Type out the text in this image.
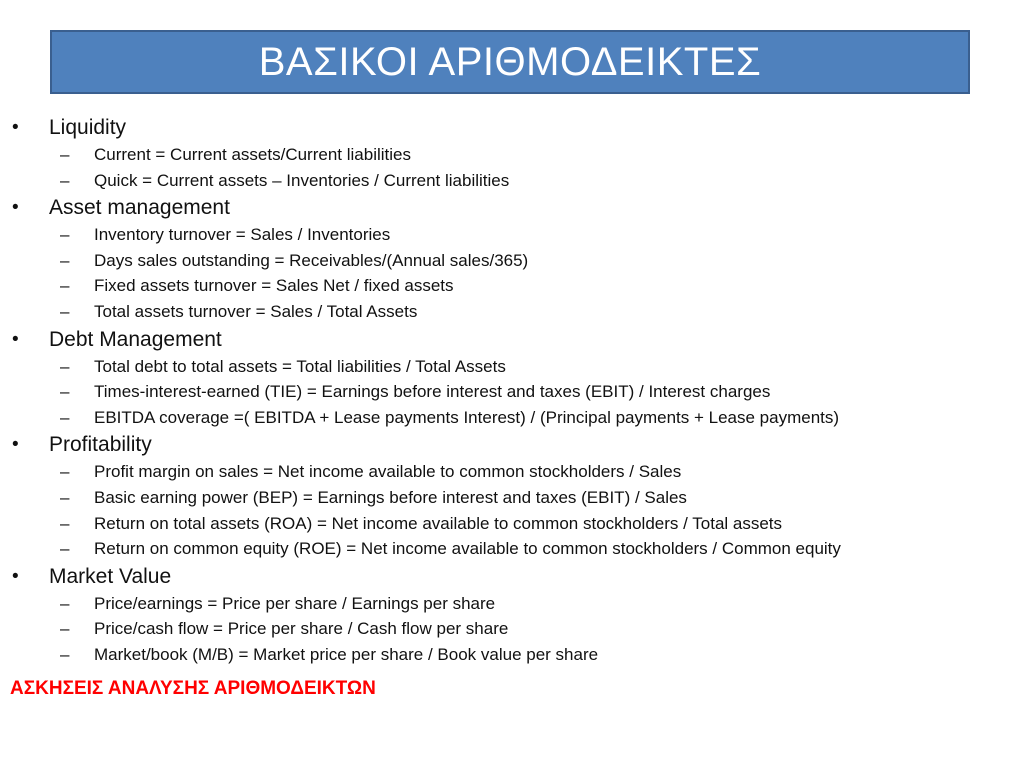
ΒΑΣΙΚΟΙ ΑΡΙΘΜΟΔΕΙΚΤΕΣ
• Liquidity
– Current = Current assets/Current liabilities
– Quick = Current assets – Inventories / Current liabilities
• Asset management
– Inventory turnover = Sales / Inventories
– Days sales outstanding = Receivables/(Annual sales/365)
– Fixed assets turnover = Sales Net / fixed assets
– Total assets turnover = Sales / Total Assets
• Debt Management
– Total debt to total assets = Total liabilities / Total Assets
– Times-interest-earned (TIE) = Earnings before interest and taxes (EBIT) / Interest charges
– EBITDA coverage =( EBITDA + Lease payments Interest) / (Principal payments + Lease payments)
• Profitability
– Profit margin on sales = Net income available to common stockholders / Sales
– Basic earning power (BEP) = Earnings before interest and taxes (EBIT) / Sales
– Return on total assets (ROA) = Net income available to common stockholders / Total assets
– Return on common equity (ROE) = Net income available to common stockholders / Common equity
• Market Value
– Price/earnings = Price per share / Earnings per share
– Price/cash flow = Price per share / Cash flow per share
– Market/book (M/B) = Market price per share / Book value per share
ΑΣΚΗΣΕΙΣ ΑΝΑΛΥΣΗΣ ΑΡΙΘΜΟΔΕΙΚΤΩΝ
